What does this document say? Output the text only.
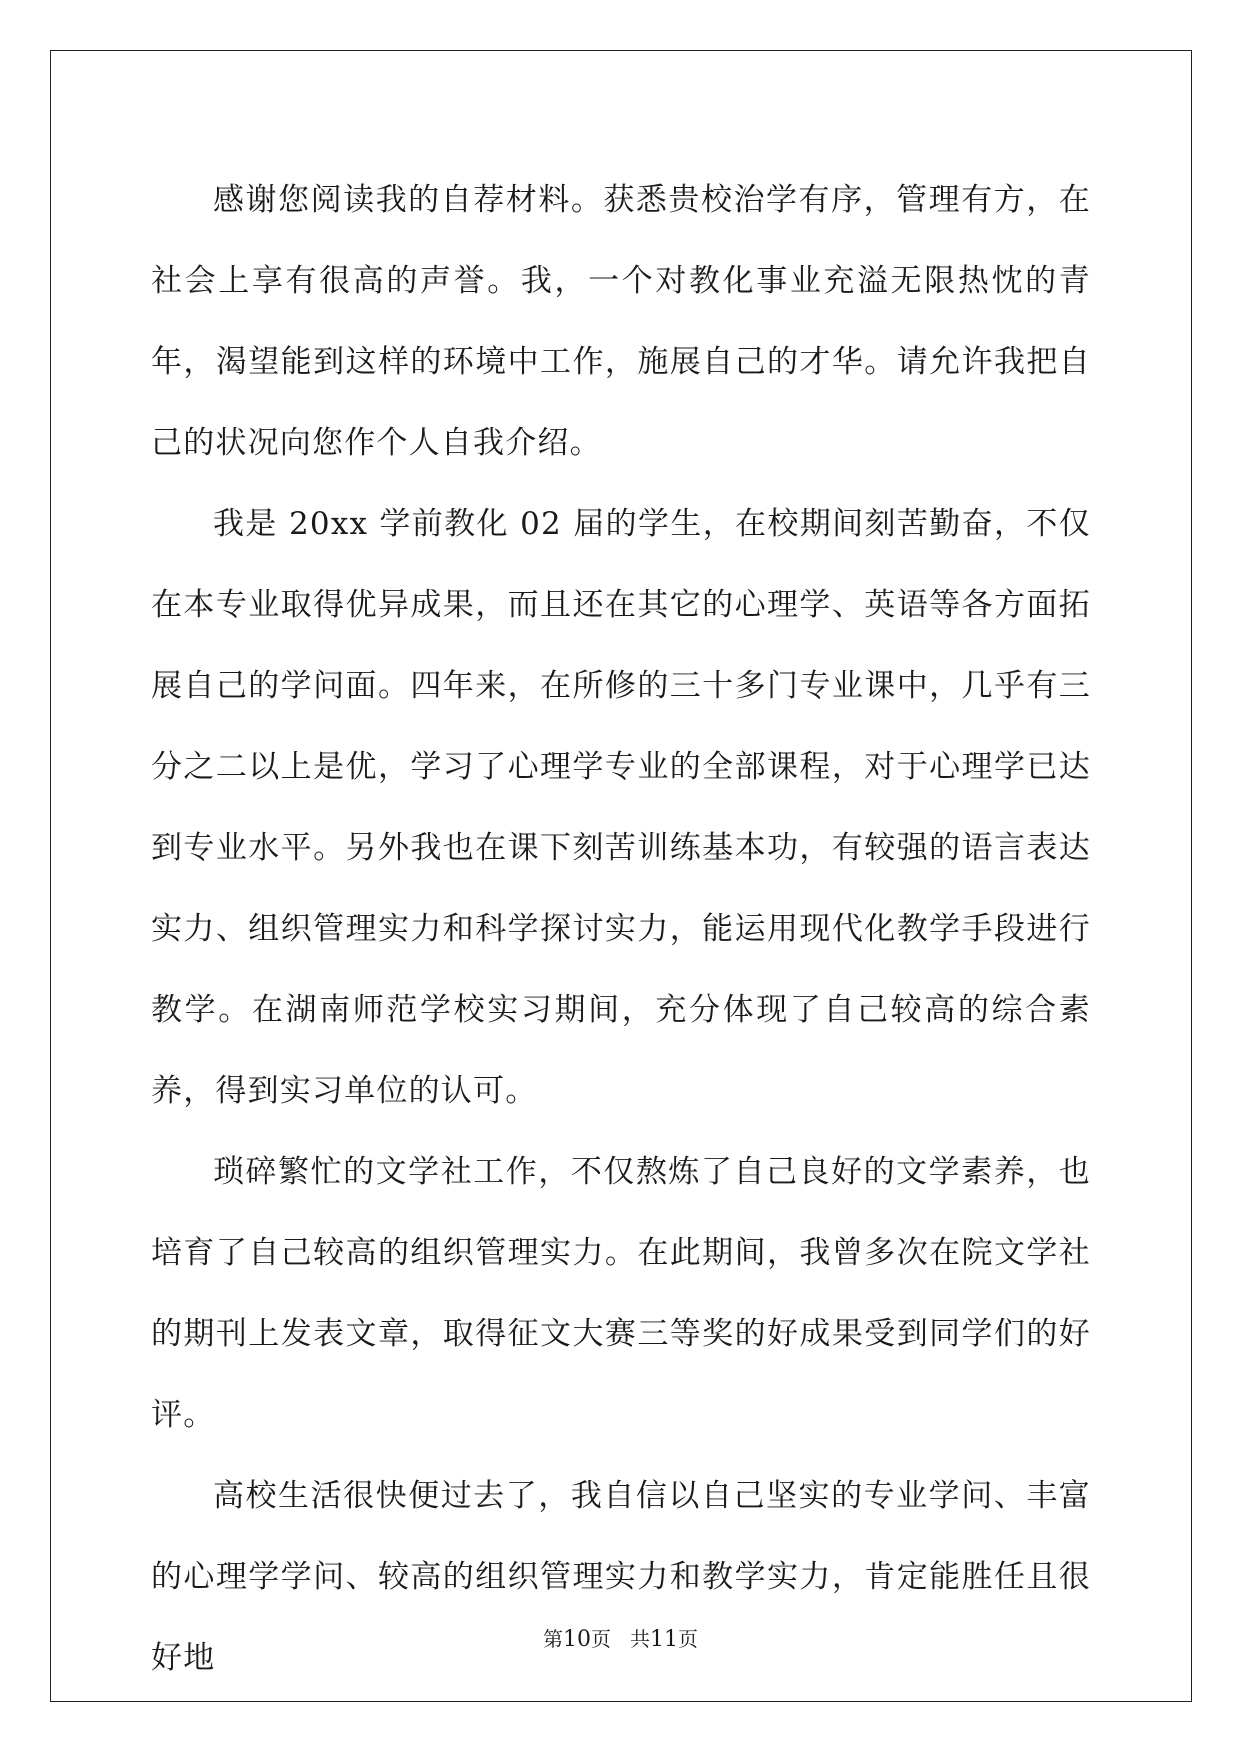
感谢您阅读我的自荐材料。获悉贵校治学有序，管理有方，在社会上享有很高的声誉。我，一个对教化事业充溢无限热忱的青年，渴望能到这样的环境中工作，施展自己的才华。请允许我把自己的状况向您作个人自我介绍。

我是 20xx 学前教化 02 届的学生，在校期间刻苦勤奋，不仅在本专业取得优异成果，而且还在其它的心理学、英语等各方面拓展自己的学问面。四年来，在所修的三十多门专业课中，几乎有三分之二以上是优，学习了心理学专业的全部课程，对于心理学已达到专业水平。另外我也在课下刻苦训练基本功，有较强的语言表达实力、组织管理实力和科学探讨实力，能运用现代化教学手段进行教学。在湖南师范学校实习期间，充分体现了自己较高的综合素养，得到实习单位的认可。

琐碎繁忙的文学社工作，不仅熬炼了自己良好的文学素养，也培育了自己较高的组织管理实力。在此期间，我曾多次在院文学社的期刊上发表文章，取得征文大赛三等奖的好成果受到同学们的好评。

高校生活很快便过去了，我自信以自己坚实的专业学问、丰富的心理学学问、较高的组织管理实力和教学实力，肯定能胜任且很好地

第10页 共11页
